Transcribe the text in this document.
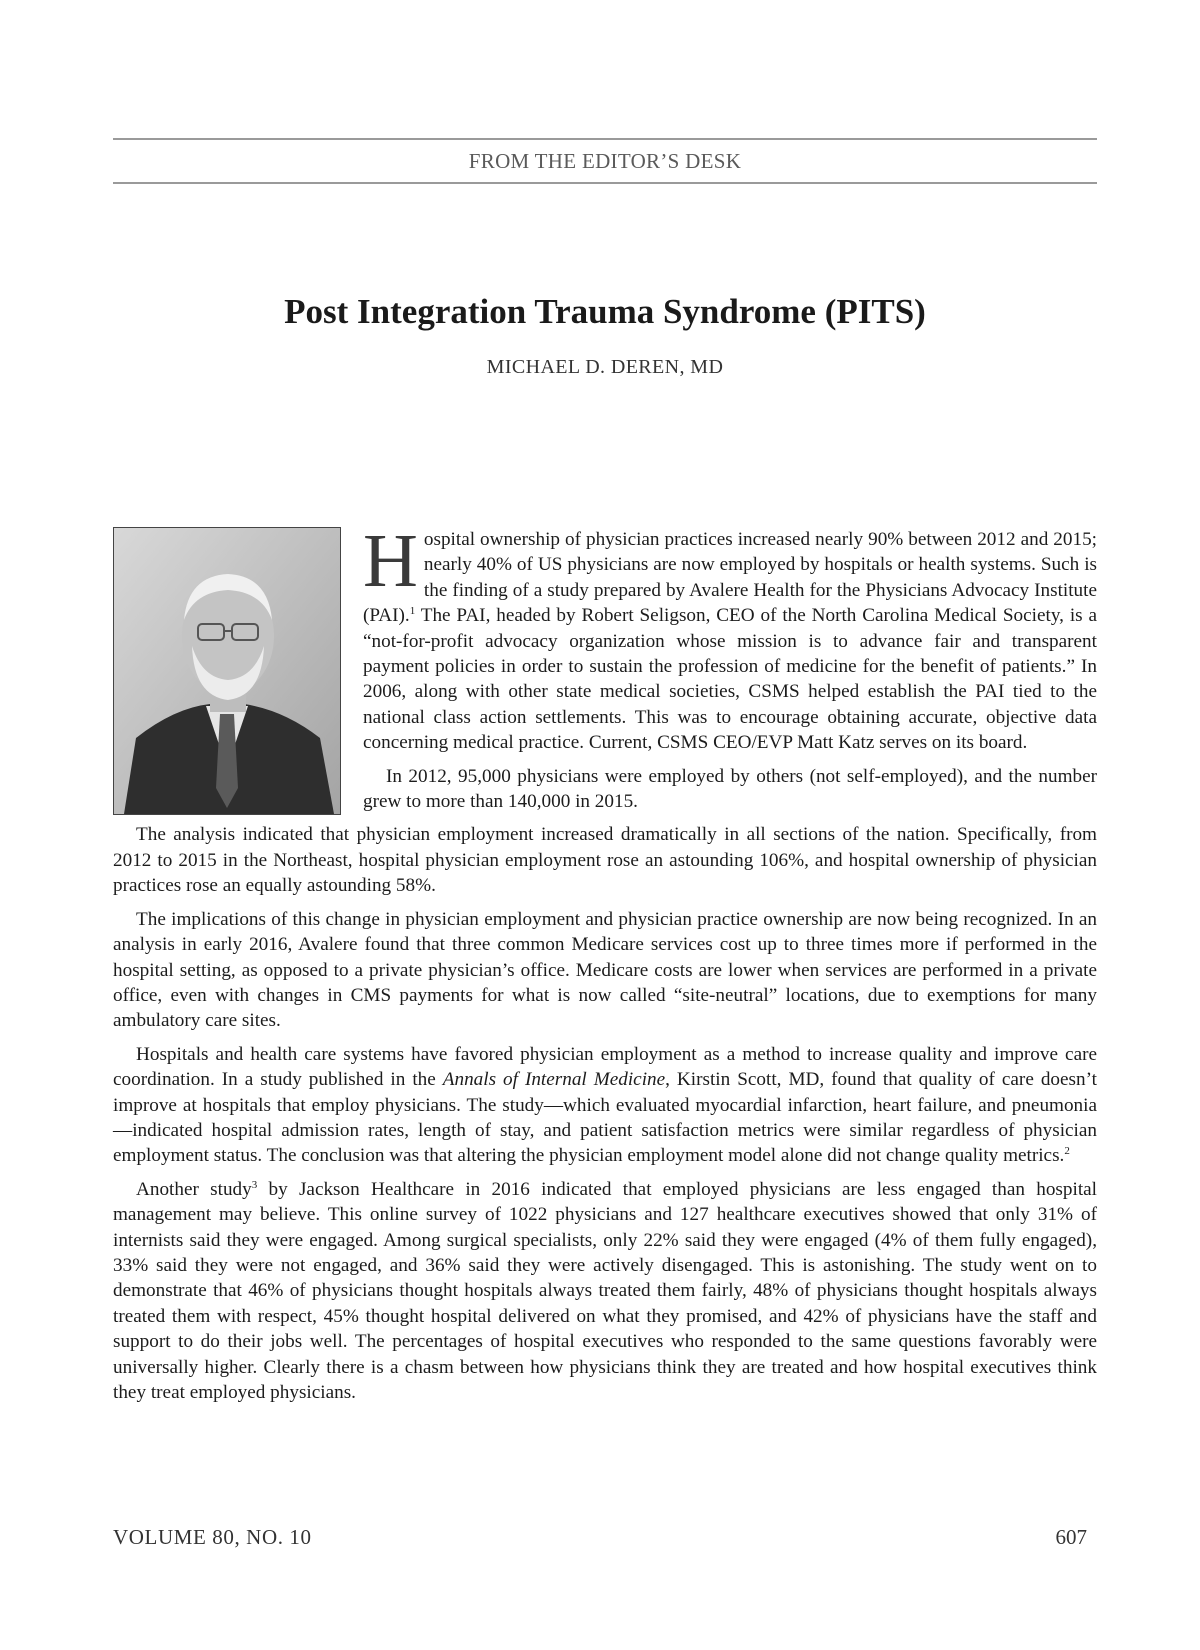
FROM THE EDITOR’S DESK
Post Integration Trauma Syndrome (PITS)
MICHAEL D. DEREN, MD

Hospital ownership of physician practices increased nearly 90% between 2012 and 2015; nearly 40% of US physicians are now employed by hospitals or health systems. Such is the finding of a study prepared by Avalere Health for the Physicians Advocacy Institute (PAI).$^1$ The PAI, headed by Robert Seligson, CEO of the North Carolina Medical Society, is a “not-for-profit advocacy organization whose mission is to advance fair and transparent payment policies in order to sustain the profession of medicine for the benefit of patients.” In 2006, along with other state medical societies, CSMS helped establish the PAI tied to the national class action settlements. This was to encourage obtaining accurate, objective data concerning medical practice. Current, CSMS CEO/EVP Matt Katz serves on its board.

In 2012, 95,000 physicians were employed by others (not self-employed), and the number grew to more than 140,000 in 2015.

The analysis indicated that physician employment increased dramatically in all sections of the nation. Specifically, from 2012 to 2015 in the Northeast, hospital physician employment rose an astounding 106%, and hospital ownership of physician practices rose an equally astounding 58%.

The implications of this change in physician employment and physician practice ownership are now being recognized. In an analysis in early 2016, Avalere found that three common Medicare services cost up to three times more if performed in the hospital setting, as opposed to a private physician’s office. Medicare costs are lower when services are performed in a private office, even with changes in CMS payments for what is now called “site-neutral” locations, due to exemptions for many ambulatory care sites.

Hospitals and health care systems have favored physician employment as a method to increase quality and improve care coordination. In a study published in the Annals of Internal Medicine, Kirstin Scott, MD, found that quality of care doesn’t improve at hospitals that employ physicians. The study—which evaluated myocardial infarction, heart failure, and pneumonia—indicated hospital admission rates, length of stay, and patient satisfaction metrics were similar regardless of physician employment status. The conclusion was that altering the physician employment model alone did not change quality metrics.$^2$

Another study$^3$ by Jackson Healthcare in 2016 indicated that employed physicians are less engaged than hospital management may believe. This online survey of 1022 physicians and 127 healthcare executives showed that only 31% of internists said they were engaged. Among surgical specialists, only 22% said they were engaged (4% of them fully engaged), 33% said they were not engaged, and 36% said they were actively disengaged. This is astonishing. The study went on to demonstrate that 46% of physicians thought hospitals always treated them fairly, 48% of physicians thought hospitals always treated them with respect, 45% thought hospital delivered on what they promised, and 42% of physicians have the staff and support to do their jobs well. The percentages of hospital executives who responded to the same questions favorably were universally higher. Clearly there is a chasm between how physicians think they are treated and how hospital executives think they treat employed physicians.

VOLUME 80, NO. 10	607
